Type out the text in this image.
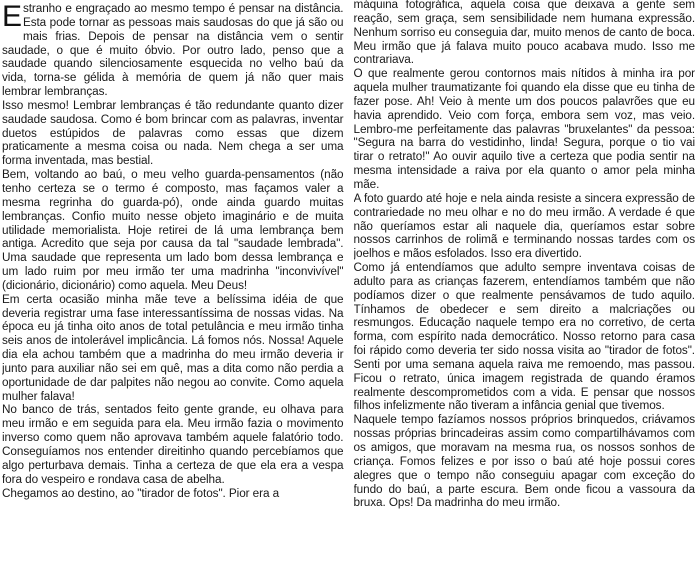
Estranho e engraçado ao mesmo tempo é pensar na distância. Esta pode tornar as pessoas mais saudosas do que já são ou mais frias. Depois de pensar na distância vem o sentir saudade, o que é muito óbvio. Por outro lado, penso que a saudade quando silenciosamente esquecida no velho baú da vida, torna-se gélida à memória de quem já não quer mais lembrar lembranças.

Isso mesmo! Lembrar lembranças é tão redundante quanto dizer saudade saudosa. Como é bom brincar com as palavras, inventar duetos estúpidos de palavras como essas que dizem praticamente a mesma coisa ou nada. Nem chega a ser uma forma inventada, mas bestial.

Bem, voltando ao baú, o meu velho guarda-pensamentos (não tenho certeza se o termo é composto, mas façamos valer a mesma regrinha do guarda-pó), onde ainda guardo muitas lembranças. Confio muito nesse objeto imaginário e de muita utilidade memorialista. Hoje retirei de lá uma lembrança bem antiga. Acredito que seja por causa da tal "saudade lembrada". Uma saudade que representa um lado bom dessa lembrança e um lado ruim por meu irmão ter uma madrinha "inconvivível" (dicionário, dicionário) como aquela. Meu Deus!

Em certa ocasião minha mãe teve a belíssima idéia de que deveria registrar uma fase interessantíssima de nossas vidas. Na época eu já tinha oito anos de total petulância e meu irmão tinha seis anos de intolerável implicância. Lá fomos nós. Nossa! Aquele dia ela achou também que a madrinha do meu irmão deveria ir junto para auxiliar não sei em quê, mas a dita como não perdia a oportunidade de dar palpites não negou ao convite. Como aquela mulher falava!

No banco de trás, sentados feito gente grande, eu olhava para meu irmão e em seguida para ela. Meu irmão fazia o movimento inverso como quem não aprovava também aquele falatório todo. Conseguíamos nos entender direitinho quando percebíamos que algo perturbava demais. Tinha a certeza de que ela era a vespa fora do vespeiro e rondava casa de abelha.

Chegamos ao destino, ao "tirador de fotos". Pior era a

máquina fotográfica, aquela coisa que deixava a gente sem reação, sem graça, sem sensibilidade nem humana expressão. Nenhum sorriso eu conseguia dar, muito menos de canto de boca. Meu irmão que já falava muito pouco acabava mudo. Isso me contrariava.

O que realmente gerou contornos mais nítidos à minha ira por aquela mulher traumatizante foi quando ela disse que eu tinha de fazer pose. Ah! Veio à mente um dos poucos palavrões que eu havia aprendido. Veio com força, embora sem voz, mas veio. Lembro-me perfeitamente das palavras "bruxelantes" da pessoa: "Segura na barra do vestidinho, linda! Segura, porque o tio vai tirar o retrato!" Ao ouvir aquilo tive a certeza que podia sentir na mesma intensidade a raiva por ela quanto o amor pela minha mãe.

A foto guardo até hoje e nela ainda resiste a sincera expressão de contrariedade no meu olhar e no do meu irmão. A verdade é que não queríamos estar ali naquele dia, queríamos estar sobre nossos carrinhos de rolimã e terminando nossas tardes com os joelhos e mãos esfolados. Isso era divertido.

Como já entendíamos que adulto sempre inventava coisas de adulto para as crianças fazerem, entendíamos também que não podíamos dizer o que realmente pensávamos de tudo aquilo. Tínhamos de obedecer e sem direito a malcriações ou resmungos. Educação naquele tempo era no corretivo, de certa forma, com espírito nada democrático. Nosso retorno para casa foi rápido como deveria ter sido nossa visita ao "tirador de fotos". Senti por uma semana aquela raiva me remoendo, mas passou. Ficou o retrato, única imagem registrada de quando éramos realmente descomprometidos com a vida. E pensar que nossos filhos infelizmente não tiveram a infância genial que tivemos.

Naquele tempo fazíamos nossos próprios brinquedos, criávamos nossas próprias brincadeiras assim como compartilhávamos com os amigos, que moravam na mesma rua, os nossos sonhos de criança. Fomos felizes e por isso o baú até hoje possui cores alegres que o tempo não conseguiu apagar com exceção do fundo do baú, a parte escura. Bem onde ficou a vassoura da bruxa. Ops! Da madrinha do meu irmão.
